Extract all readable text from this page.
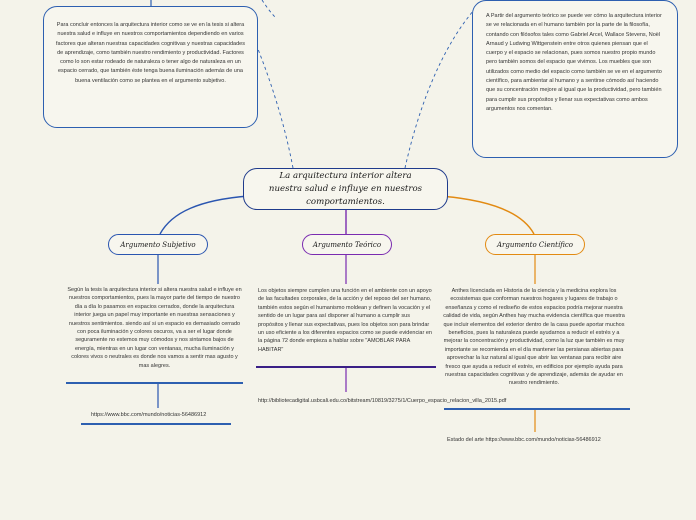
Para concluir entonces la arquitectura interior como se ve en la tesis si altera nuestra salud e influye en nuestros comportamientos dependiendo en varios factores que alteran nuestras capacidades cognitivas y nuestras capacidades de aprendizaje, como también nuestro rendimiento y productividad. Factores como lo son estar rodeado de naturaleza o tener algo de naturaleza en un espacio cerrado, que también éste tenga buena iluminación además de una buena ventilación como se plantea en el argumento subjetivo.
A Partir del argumento teórico se puede ver cómo la arquitectura interior se ve relacionada en el humano también por la parte de la filosofía, contando con filósofos tales como Gabriel Arcel, Wallace Stevens, Noël Arnaud y Ludwing Wittgenstein entre otros quienes piensan que el cuerpo y el espacio se relacionan, pues somos nuestro propio mundo pero también somos del espacio que vivimos. Los muebles que son utilizados como medio del espacio como también se ve en el argumento científico, para ambientar al humano y a sentirse cómodo así haciendo que su concentración mejore al igual que la productividad, pero también para cumplir sus propósitos y llenar sus expectativas como ambos argumentos nos comentan.
La arquitectura interior altera nuestra salud e influye en nuestros comportamientos.
Argumento Subjetivo	Argumento Teórico	Argumento Científico
Según la tesis la arquitectura interior si altera nuestra salud e influye en nuestros comportamientos, pues la mayor parte del tiempo de nuestro día a día lo pasamos en espacios cerrados, donde la arquitectura interior juega un papel muy importante en nuestras sensaciones y nuestros sentimientos. siendo así si un espacio es demasiado cerrado con poca iluminación y colores oscuros, va a ser el lugar donde seguramente no estemos muy cómodos y nos sintamos bajos de energía, mientras en un lugar con ventanas, mucha iluminación y colores vivos o neutrales es donde nos vamos a sentir mas agusto y mas alegres.
https://www.bbc.com/mundo/noticias-56486912
Los objetos siempre cumplen una función en el ambiente con un apoyo de las facultades corporales, de la acción y del reposo del ser humano, también estos según el humanismo moldean y definen la vocación y el sentido de un lugar para así disponer al humano a cumplir sus propósitos y llenar sus expectativas, pues los objetos son para brindar un uso eficiente a los diferentes espacios como se puede evidenciar en la página 72 donde empieza a hablar sobre "AMOBLAR PARA HABITAR"
http://bibliotecadigital.usbcali.edu.co/bitstream/10819/3275/1/Cuerpo_espacio_relacion_villa_2015.pdf
Anthes licenciada en Historia de la ciencia y la medicina explora los ecosistemas que conforman nuestros hogares y lugares de trabajo o enseñanza y como el rediseño de estos espacios podría mejorar nuestra calidad de vida, según Anthes hay mucha evidencia científica que muestra que incluir elementos del exterior dentro de la casa puede aportar muchos beneficios, pues la naturaleza puede ayudarnos a reducir el estrés y a mejorar la concentración y productividad, como la luz que también es muy importante se recomienda en el día mantener las persianas abiertas para aprovechar la luz natural al igual que abrir las ventanas para recibir aire fresco que ayuda a reducir el estrés, en edificios por ejemplo ayuda para nuestras capacidades cognitivas y de aprendizaje, además de ayudar en nuestro rendimiento.
Estado del arte https://www.bbc.com/mundo/noticias-56486912
